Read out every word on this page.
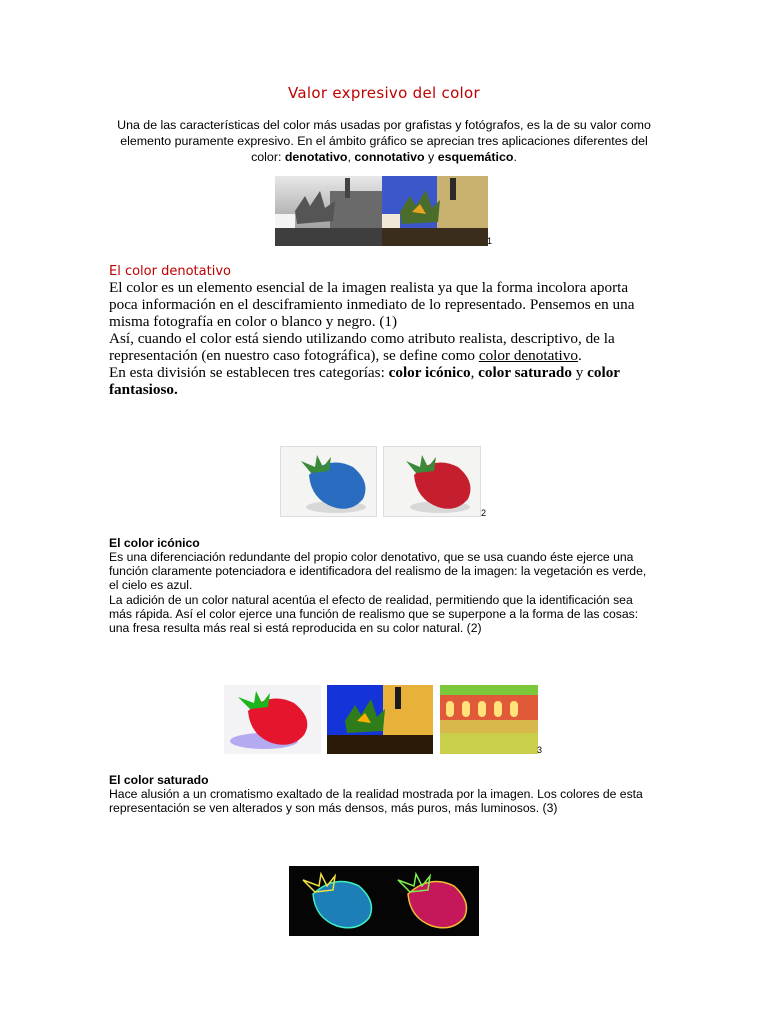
Valor expresivo del color
Una de las características del color más usadas por grafistas y fotógrafos, es la de su valor como elemento puramente expresivo. En el ámbito gráfico se aprecian tres aplicaciones diferentes del color: denotativo, connotativo y esquemático.
1
El color denotativo
El color es un elemento esencial de la imagen realista ya que la forma incolora aporta poca información en el desciframiento inmediato de lo representado. Pensemos en una misma fotografía en color o blanco y negro. (1)
Así, cuando el color está siendo utilizando como atributo realista, descriptivo, de la representación (en nuestro caso fotográfica), se define como color denotativo.
En esta división se establecen tres categorías: color icónico, color saturado y color fantasioso.
2
El color icónico
Es una diferenciación redundante del propio color denotativo, que se usa cuando éste ejerce una función claramente potenciadora e identificadora del realismo de la imagen: la vegetación es verde, el cielo es azul.
La adición de un color natural acentúa el efecto de realidad, permitiendo que la identificación sea más rápida. Así el color ejerce una función de realismo que se superpone a la forma de las cosas: una fresa resulta más real si está reproducida en su color natural. (2)
3
El color saturado
Hace alusión a un cromatismo exaltado de la realidad mostrada por la imagen. Los colores de esta representación se ven alterados y son más densos, más puros, más luminosos. (3)
